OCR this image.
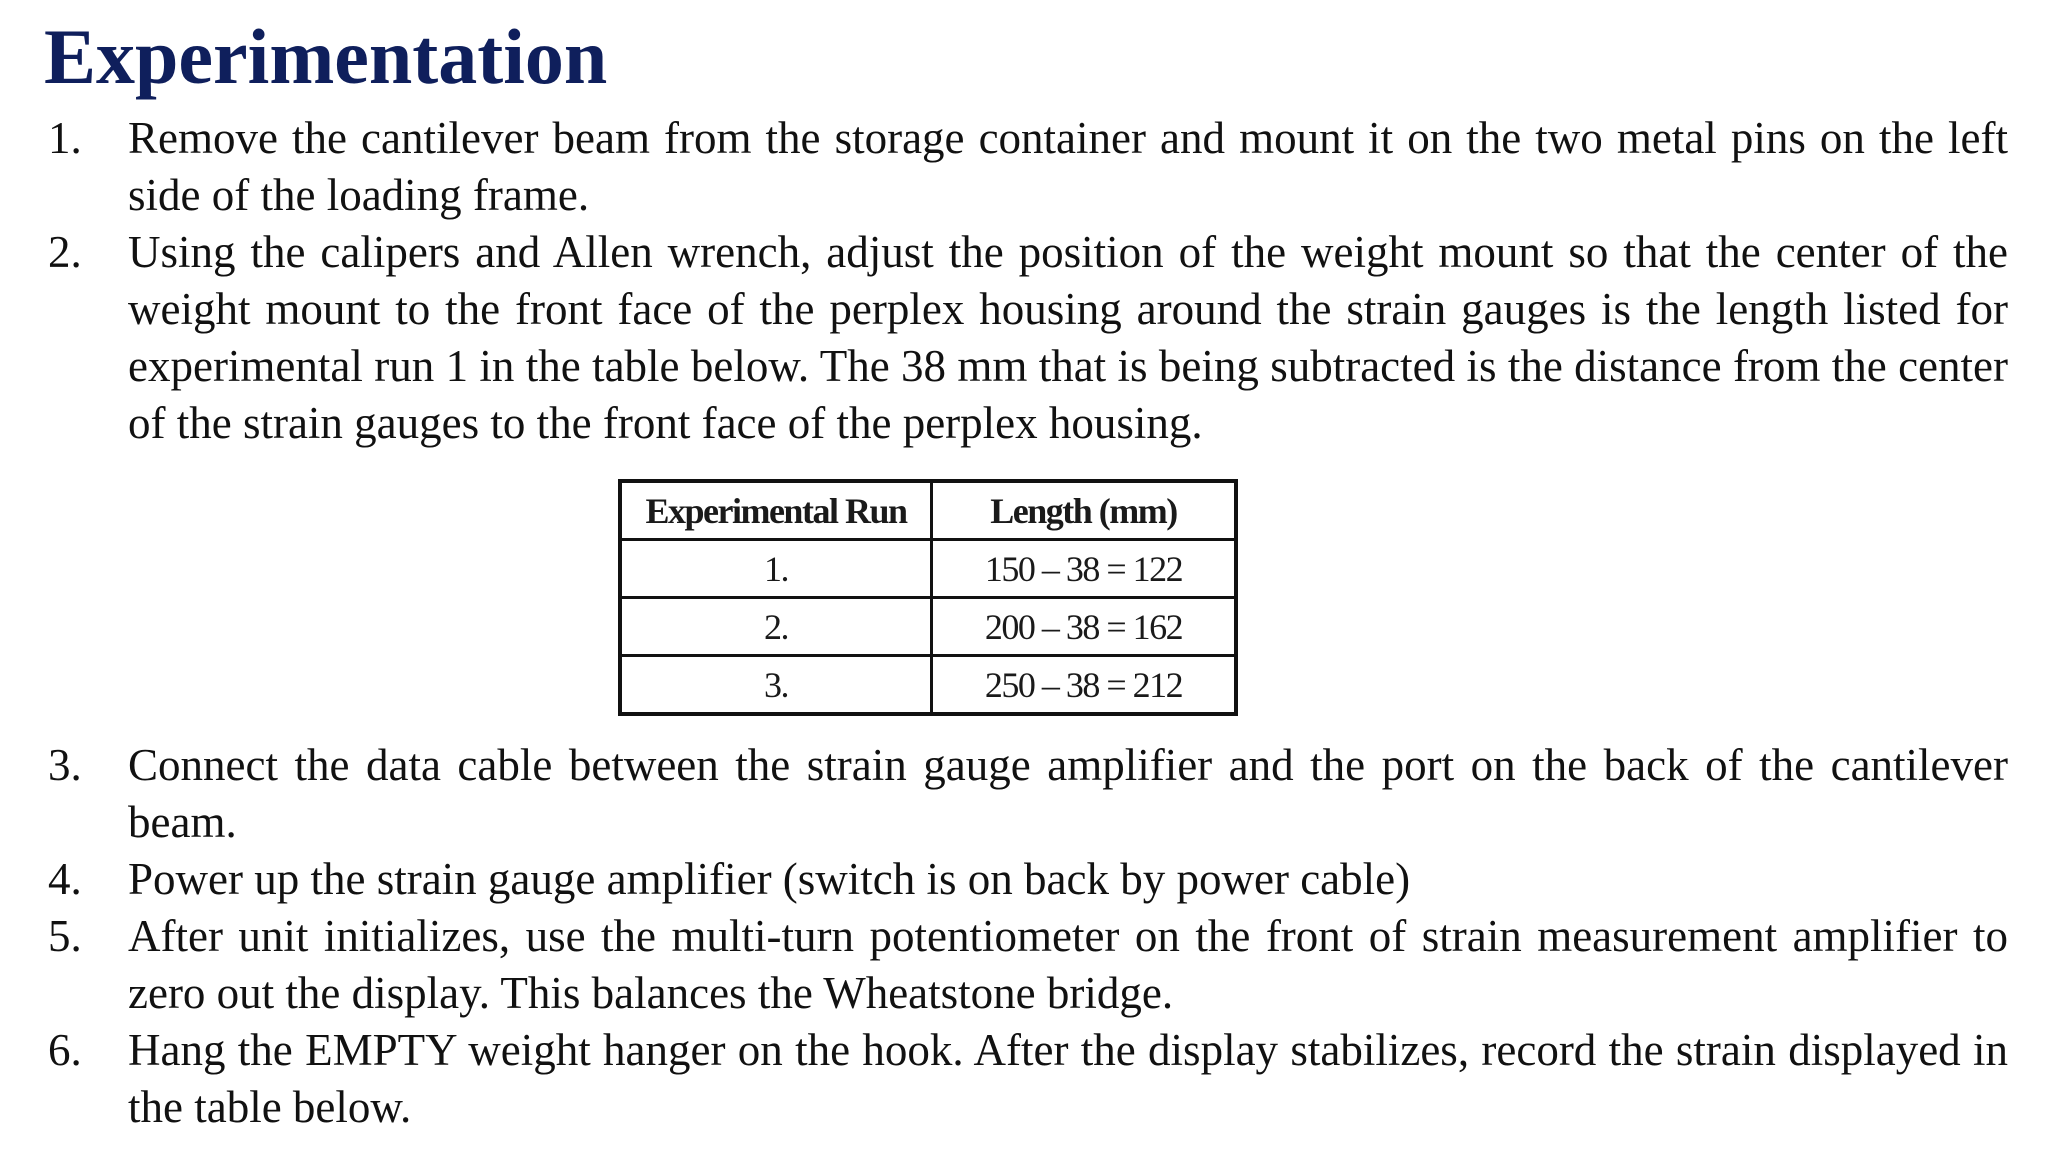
Experimentation
1.	Remove the cantilever beam from the storage container and mount it on the two metal pins on the left side of the loading frame.
2.	Using the calipers and Allen wrench, adjust the position of the weight mount so that the center of the weight mount to the front face of the perplex housing around the strain gauges is the length listed for experimental run 1 in the table below. The 38 mm that is being subtracted is the distance from the center of the strain gauges to the front face of the perplex housing.
3.	Connect the data cable between the strain gauge amplifier and the port on the back of the cantilever beam.
4.	Power up the strain gauge amplifier (switch is on back by power cable)
5.	After unit initializes, use the multi-turn potentiometer on the front of strain measurement amplifier to zero out the display. This balances the Wheatstone bridge.
6.	Hang the EMPTY weight hanger on the hook. After the display stabilizes, record the strain displayed in the table below.
Experimental Run	Length (mm)
1.	150 – 38 = 122
2.	200 – 38 = 162
3.	250 – 38 = 212
